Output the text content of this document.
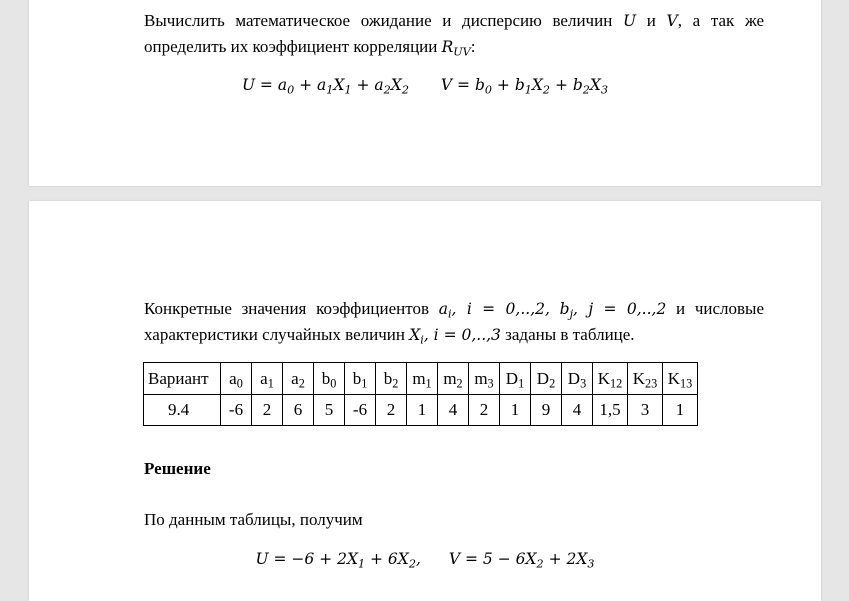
Вычислить математическое ожидание и дисперсию величин U и V, а так же
определить их коэффициент корреляции $R_{UV}$:
$U = a_0 + a_1X_1 + a_2X_2$ $V = b_0 + b_1X_2 + b_2X_3$
Конкретные значения коэффициентов $a_i$, i = 0,..,2, $b_j$, j = 0,..,2 и числовые
характеристики случайных величин $X_i$, i = 0,..,3 заданы в таблице.
Вариант	$a_0$	$a_1$	$a_2$	$b_0$	$b_1$	$b_2$	$m_1$	$m_2$	$m_3$	$D_1$	$D_2$	$D_3$	$K_{12}$	$K_{23}$	$K_{13}$
9.4	-6	2	6	5	-6	2	1	4	2	1	9	4	1,5	3	1
Решение
По данным таблицы, получим
$U = -6 + 2X_1 + 6X_2$, $V = 5 - 6X_2 + 2X_3$
